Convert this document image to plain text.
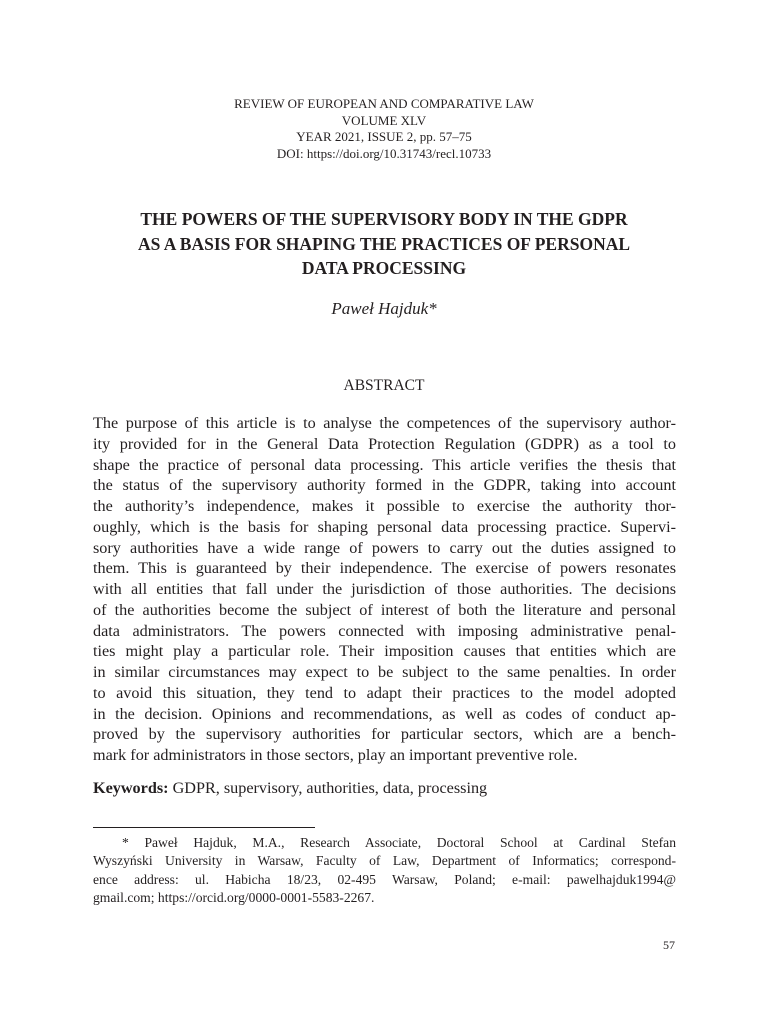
REVIEW OF EUROPEAN AND COMPARATIVE LAW
VOLUME XLV
YEAR 2021, ISSUE 2, pp. 57–75
DOI: https://doi.org/10.31743/recl.10733
THE POWERS OF THE SUPERVISORY BODY IN THE GDPR
AS A BASIS FOR SHAPING THE PRACTICES OF PERSONAL
DATA PROCESSING
Paweł Hajduk*
ABSTRACT
The purpose of this article is to analyse the competences of the supervisory author-
ity provided for in the General Data Protection Regulation (GDPR) as a tool to
shape the practice of personal data processing. This article verifies the thesis that
the status of the supervisory authority formed in the GDPR, taking into account
the authority’s independence, makes it possible to exercise the authority thor-
oughly, which is the basis for shaping personal data processing practice. Supervi-
sory authorities have a wide range of powers to carry out the duties assigned to
them. This is guaranteed by their independence. The exercise of powers resonates
with all entities that fall under the jurisdiction of those authorities. The decisions
of the authorities become the subject of interest of both the literature and personal
data administrators. The powers connected with imposing administrative penal-
ties might play a particular role. Their imposition causes that entities which are
in similar circumstances may expect to be subject to the same penalties. In order
to avoid this situation, they tend to adapt their practices to the model adopted
in the decision. Opinions and recommendations, as well as codes of conduct ap-
proved by the supervisory authorities for particular sectors, which are a bench-
mark for administrators in those sectors, play an important preventive role.
Keywords: GDPR, supervisory, authorities, data, processing
* Paweł Hajduk, M.A., Research Associate, Doctoral School at Cardinal Stefan
Wyszyński University in Warsaw, Faculty of Law, Department of Informatics; correspond-
ence address: ul. Habicha 18/23, 02-495 Warsaw, Poland; e-mail: pawelhajduk1994@
gmail.com; https://orcid.org/0000-0001-5583-2267.
57
